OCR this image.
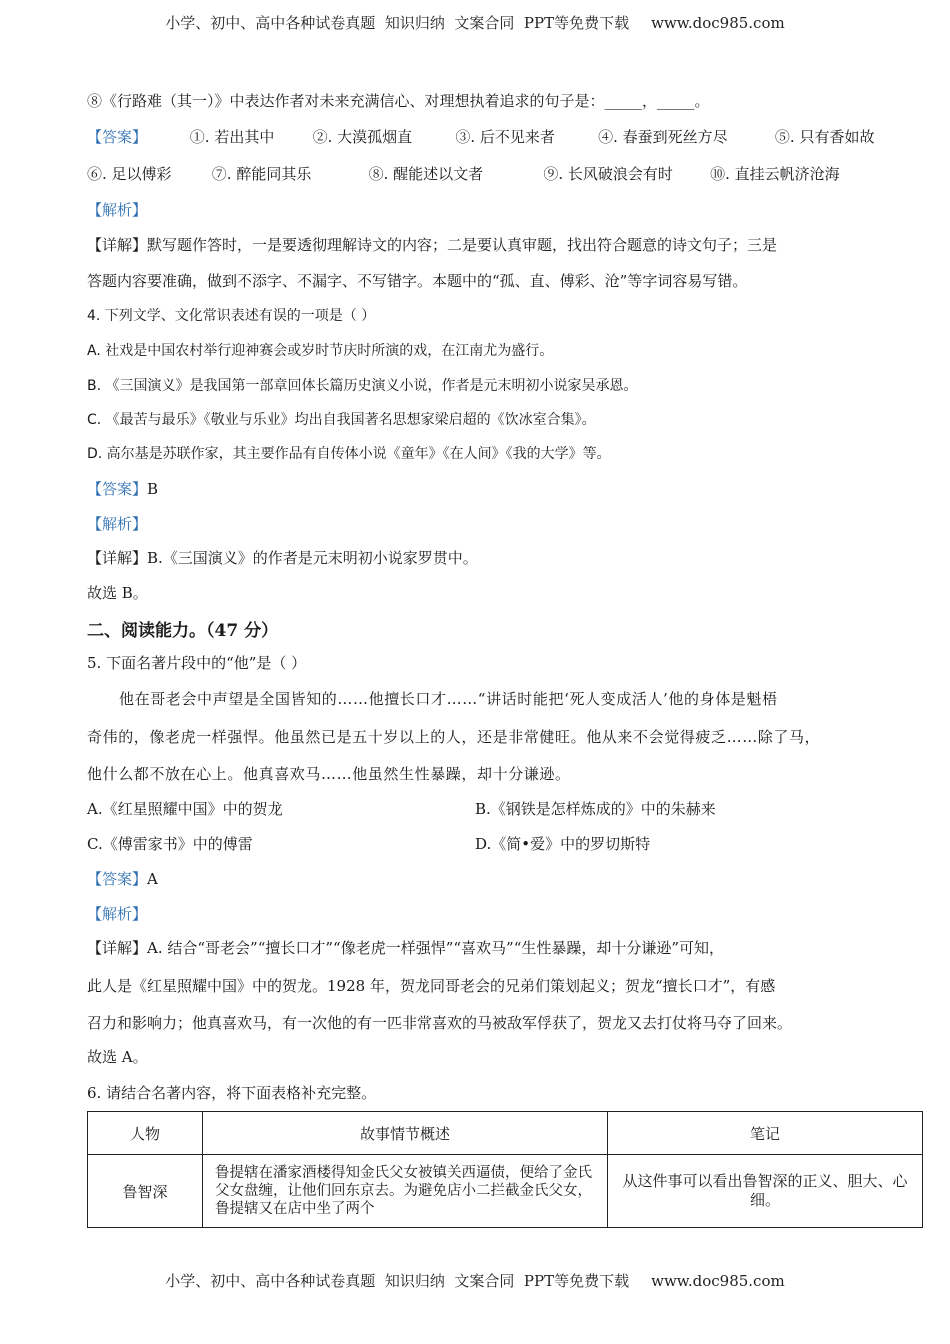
小学、初中、高中各种试卷真题  知识归纳  文案合同  PPT等免费下载 www.doc985.com
⑧《行路难（其一）》中表达作者对未来充满信心、对理想执着追求的句子是：_____，_____。
【答案】	①. 若出其中	②. 大漠孤烟直	③. 后不见来者	④. 春蚕到死丝方尽	⑤. 只有香如故
⑥. 足以傅彩	⑦. 醉能同其乐	⑧. 醒能述以文者	⑨. 长风破浪会有时 ⑩. 直挂云帆济沧海
【解析】
【详解】默写题作答时，一是要透彻理解诗文的内容；二是要认真审题，找出符合题意的诗文句子；三是
答题内容要准确，做到不添字、不漏字、不写错字。本题中的“孤、直、傅彩、沧”等字词容易写错。
4. 下列文学、文化常识表述有误的一项是（ ）
A. 社戏是中国农村举行迎神赛会或岁时节庆时所演的戏，在江南尤为盛行。
B. 《三国演义》是我国第一部章回体长篇历史演义小说，作者是元末明初小说家吴承恩。
C. 《最苦与最乐》《敬业与乐业》均出自我国著名思想家梁启超的《饮冰室合集》。
D. 高尔基是苏联作家，其主要作品有自传体小说《童年》《在人间》《我的大学》等。
【答案】B
【解析】
【详解】B.《三国演义》的作者是元末明初小说家罗贯中。
故选 B。
二、阅读能力。（47 分）
5. 下面名著片段中的“他”是（ ）
他在哥老会中声望是全国皆知的……他擅长口才……“讲话时能把‘死人变成活人’他的身体是魁梧
奇伟的，像老虎一样强悍。他虽然已是五十岁以上的人，还是非常健旺。他从来不会觉得疲乏……除了马，
他什么都不放在心上。他真喜欢马……他虽然生性暴躁，却十分谦逊。
A.《红星照耀中国》中的贺龙	B.《钢铁是怎样炼成的》中的朱赫来
C.《傅雷家书》中的傅雷	D.《简•爱》中的罗切斯特
【答案】A
【解析】
【详解】A. 结合“哥老会”“擅长口才”“像老虎一样强悍”“喜欢马”“生性暴躁，却十分谦逊”可知，
此人是《红星照耀中国》中的贺龙。1928 年，贺龙同哥老会的兄弟们策划起义；贺龙“擅长口才”，有感
召力和影响力；他真喜欢马，有一次他的有一匹非常喜欢的马被敌军俘获了，贺龙又去打仗将马夺了回来。
故选 A。
6. 请结合名著内容，将下面表格补充完整。
人物	故事情节概述	笔记
鲁智深	鲁提辖在潘家酒楼得知金氏父女被镇关西逼债，便给了金氏父女盘缠，让他们回东京去。为避免店小二拦截金氏父女，鲁提辖又在店中坐了两个	从这件事可以看出鲁智深的正义、胆大、心细。
小学、初中、高中各种试卷真题  知识归纳  文案合同  PPT等免费下载 www.doc985.com
